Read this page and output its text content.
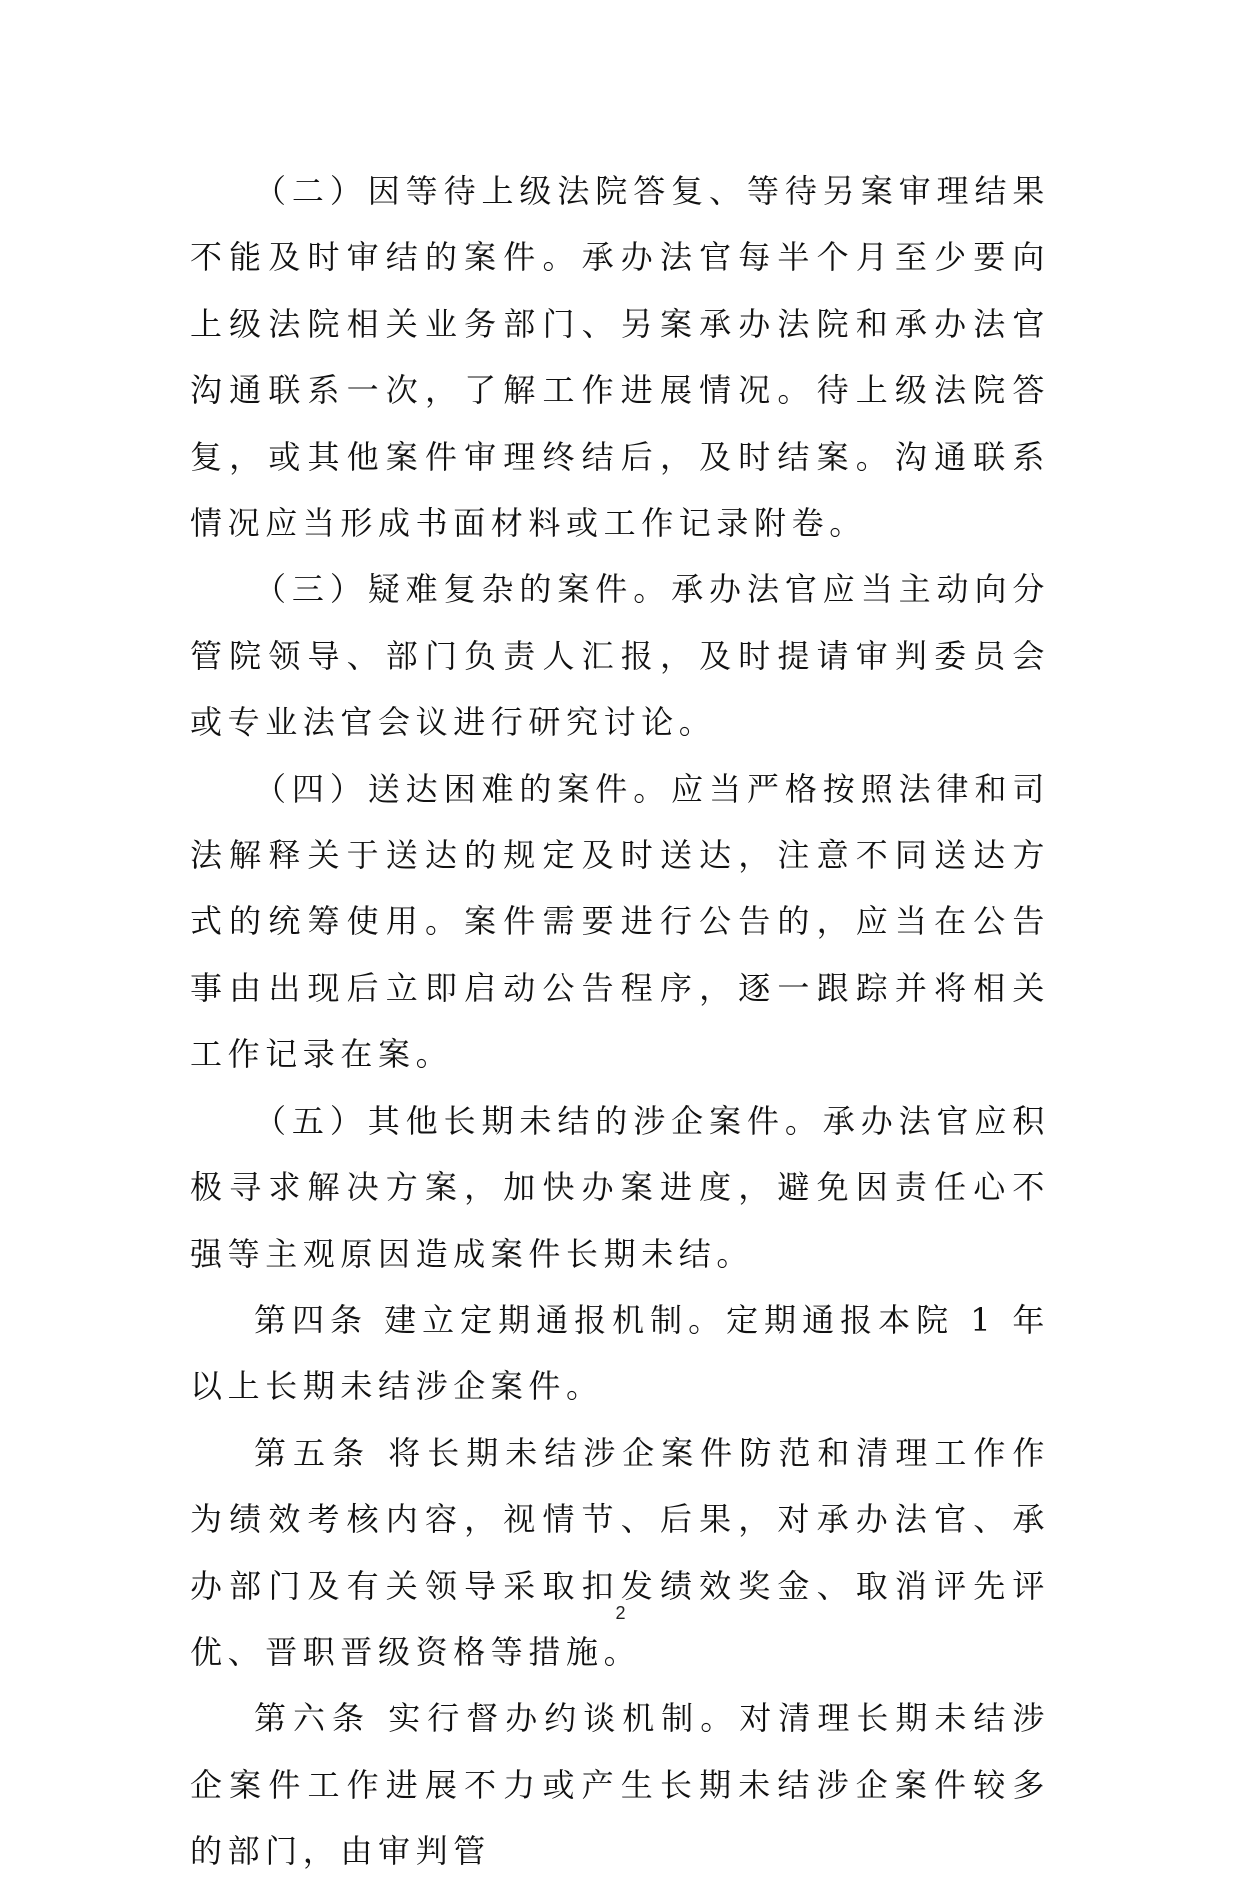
（二）因等待上级法院答复、等待另案审理结果不能及时审结的案件。承办法官每半个月至少要向上级法院相关业务部门、另案承办法院和承办法官沟通联系一次，了解工作进展情况。待上级法院答复，或其他案件审理终结后，及时结案。沟通联系情况应当形成书面材料或工作记录附卷。

（三）疑难复杂的案件。承办法官应当主动向分管院领导、部门负责人汇报，及时提请审判委员会或专业法官会议进行研究讨论。

（四）送达困难的案件。应当严格按照法律和司法解释关于送达的规定及时送达，注意不同送达方式的统筹使用。案件需要进行公告的，应当在公告事由出现后立即启动公告程序，逐一跟踪并将相关工作记录在案。

（五）其他长期未结的涉企案件。承办法官应积极寻求解决方案，加快办案进度，避免因责任心不强等主观原因造成案件长期未结。

第四条 建立定期通报机制。定期通报本院 1 年以上长期未结涉企案件。

第五条 将长期未结涉企案件防范和清理工作作为绩效考核内容，视情节、后果，对承办法官、承办部门及有关领导采取扣发绩效奖金、取消评先评优、晋职晋级资格等措施。

第六条 实行督办约谈机制。对清理长期未结涉企案件工作进展不力或产生长期未结涉企案件较多的部门，由审判管

2
